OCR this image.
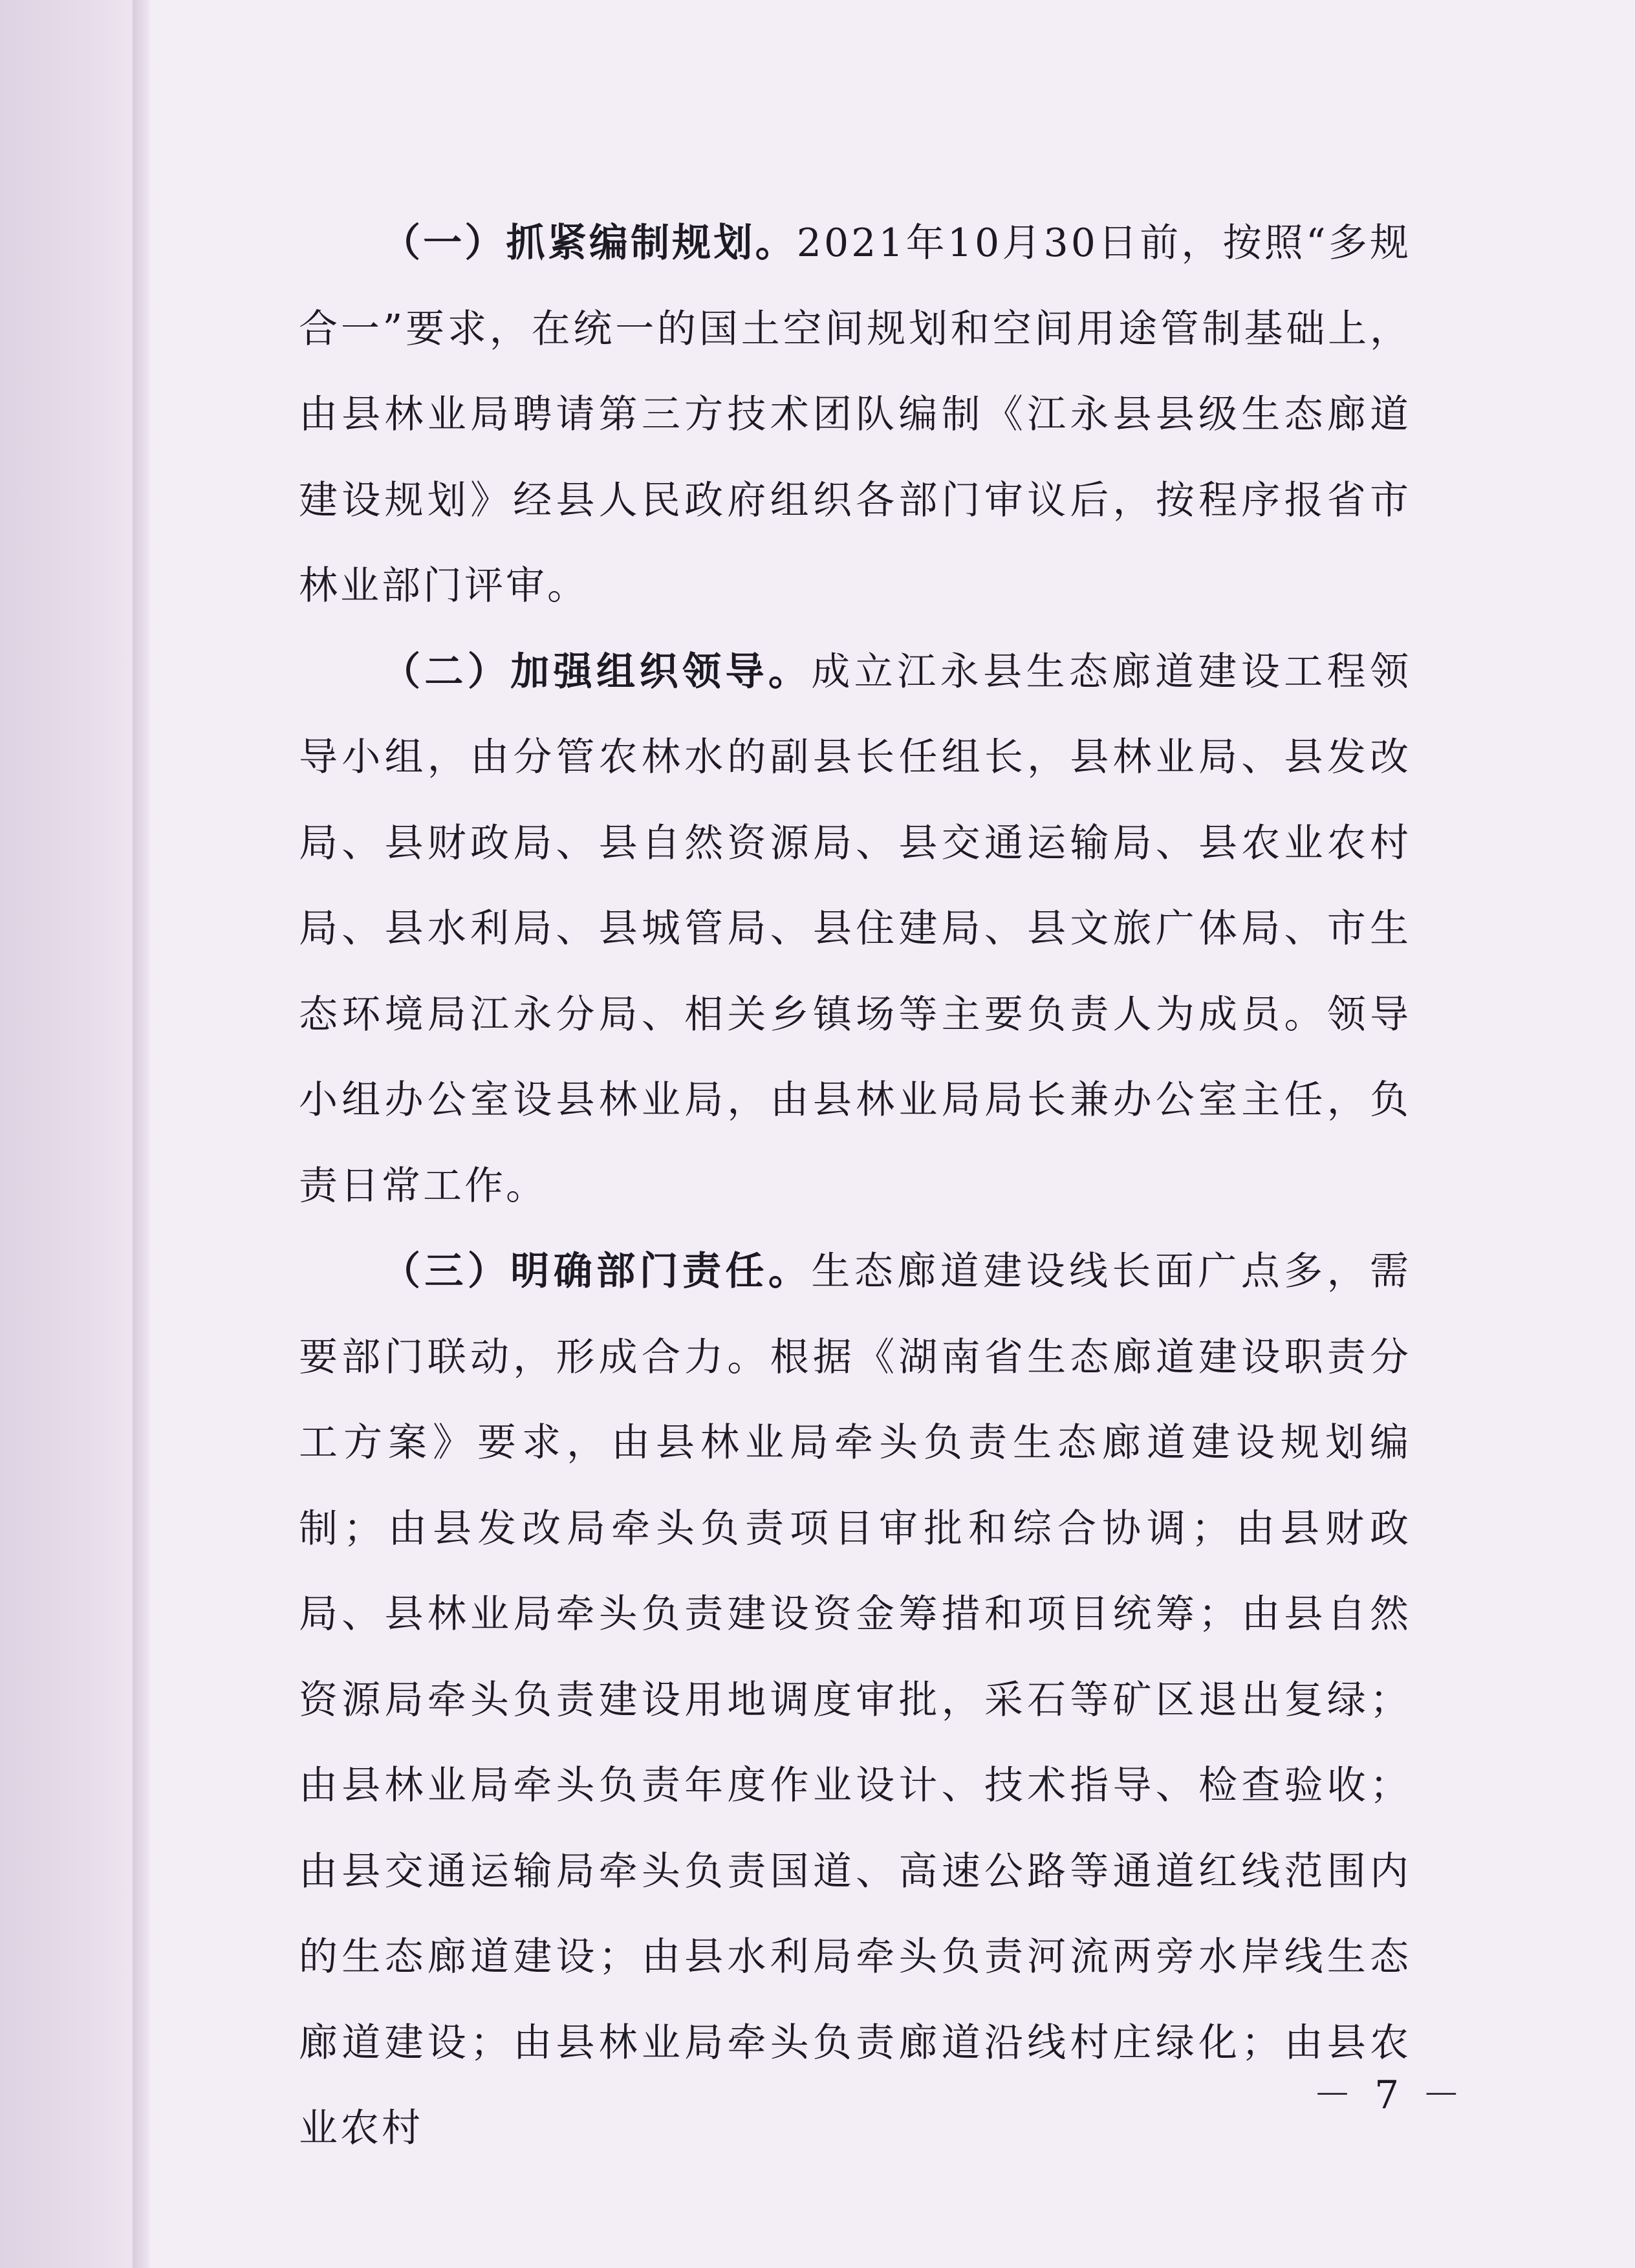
（一）抓紧编制规划。2021年10月30日前，按照“多规合一”要求，在统一的国土空间规划和空间用途管制基础上，由县林业局聘请第三方技术团队编制《江永县县级生态廊道建设规划》经县人民政府组织各部门审议后，按程序报省市林业部门评审。

（二）加强组织领导。成立江永县生态廊道建设工程领导小组，由分管农林水的副县长任组长，县林业局、县发改局、县财政局、县自然资源局、县交通运输局、县农业农村局、县水利局、县城管局、县住建局、县文旅广体局、市生态环境局江永分局、相关乡镇场等主要负责人为成员。领导小组办公室设县林业局，由县林业局局长兼办公室主任，负责日常工作。

（三）明确部门责任。生态廊道建设线长面广点多，需要部门联动，形成合力。根据《湖南省生态廊道建设职责分工方案》要求，由县林业局牵头负责生态廊道建设规划编制；由县发改局牵头负责项目审批和综合协调；由县财政局、县林业局牵头负责建设资金筹措和项目统筹；由县自然资源局牵头负责建设用地调度审批，采石等矿区退出复绿；由县林业局牵头负责年度作业设计、技术指导、检查验收；由县交通运输局牵头负责国道、高速公路等通道红线范围内的生态廊道建设；由县水利局牵头负责河流两旁水岸线生态廊道建设；由县林业局牵头负责廊道沿线村庄绿化；由县农业农村

－ 7 －
